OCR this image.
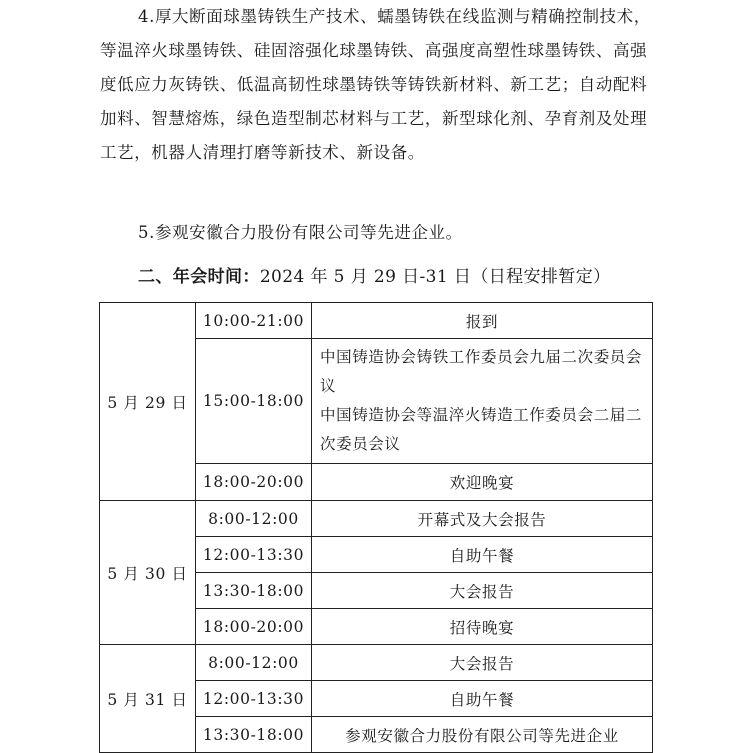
4.厚大断面球墨铸铁生产技术、蠕墨铸铁在线监测与精确控制技术，等温淬火球墨铸铁、硅固溶强化球墨铸铁、高强度高塑性球墨铸铁、高强度低应力灰铸铁、低温高韧性球墨铸铁等铸铁新材料、新工艺；自动配料加料、智慧熔炼，绿色造型制芯材料与工艺，新型球化剂、孕育剂及处理工艺，机器人清理打磨等新技术、新设备。

5.参观安徽合力股份有限公司等先进企业。

二、年会时间：2024 年 5 月 29 日-31 日（日程安排暂定）

5 月 29 日	10:00-21:00	报到

	15:00-18:00	中国铸造协会铸铁工作委员会九届二次委员会议
中国铸造协会等温淬火铸造工作委员会二届二次委员会议

	18:00-20:00	欢迎晚宴

5 月 30 日	8:00-12:00	开幕式及大会报告

	12:00-13:30	自助午餐

	13:30-18:00	大会报告

	18:00-20:00	招待晚宴

5 月 31 日	8:00-12:00	大会报告

	12:00-13:30	自助午餐

	13:30-18:00	参观安徽合力股份有限公司等先进企业
